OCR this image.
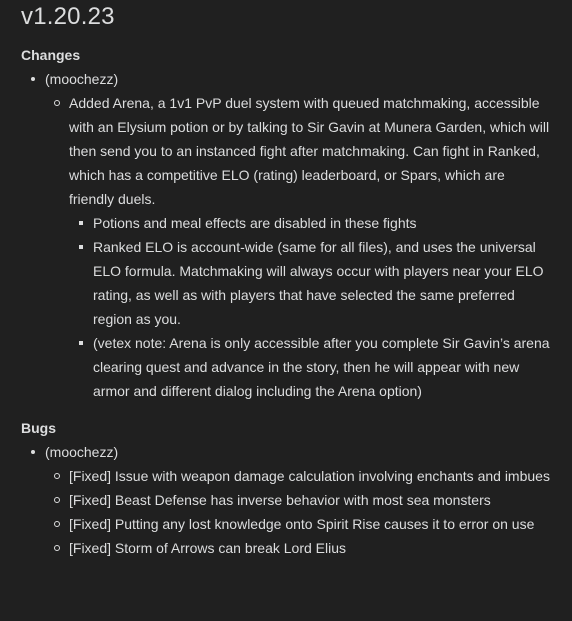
v1.20.23
Changes
(moochezz)
Added Arena, a 1v1 PvP duel system with queued matchmaking, accessible with an Elysium potion or by talking to Sir Gavin at Munera Garden, which will then send you to an instanced fight after matchmaking. Can fight in Ranked, which has a competitive ELO (rating) leaderboard, or Spars, which are friendly duels.
Potions and meal effects are disabled in these fights
Ranked ELO is account-wide (same for all files), and uses the universal ELO formula. Matchmaking will always occur with players near your ELO rating, as well as with players that have selected the same preferred region as you.
(vetex note: Arena is only accessible after you complete Sir Gavin’s arena clearing quest and advance in the story, then he will appear with new armor and different dialog including the Arena option)
Bugs
(moochezz)
[Fixed] Issue with weapon damage calculation involving enchants and imbues
[Fixed] Beast Defense has inverse behavior with most sea monsters
[Fixed] Putting any lost knowledge onto Spirit Rise causes it to error on use
[Fixed] Storm of Arrows can break Lord Elius
